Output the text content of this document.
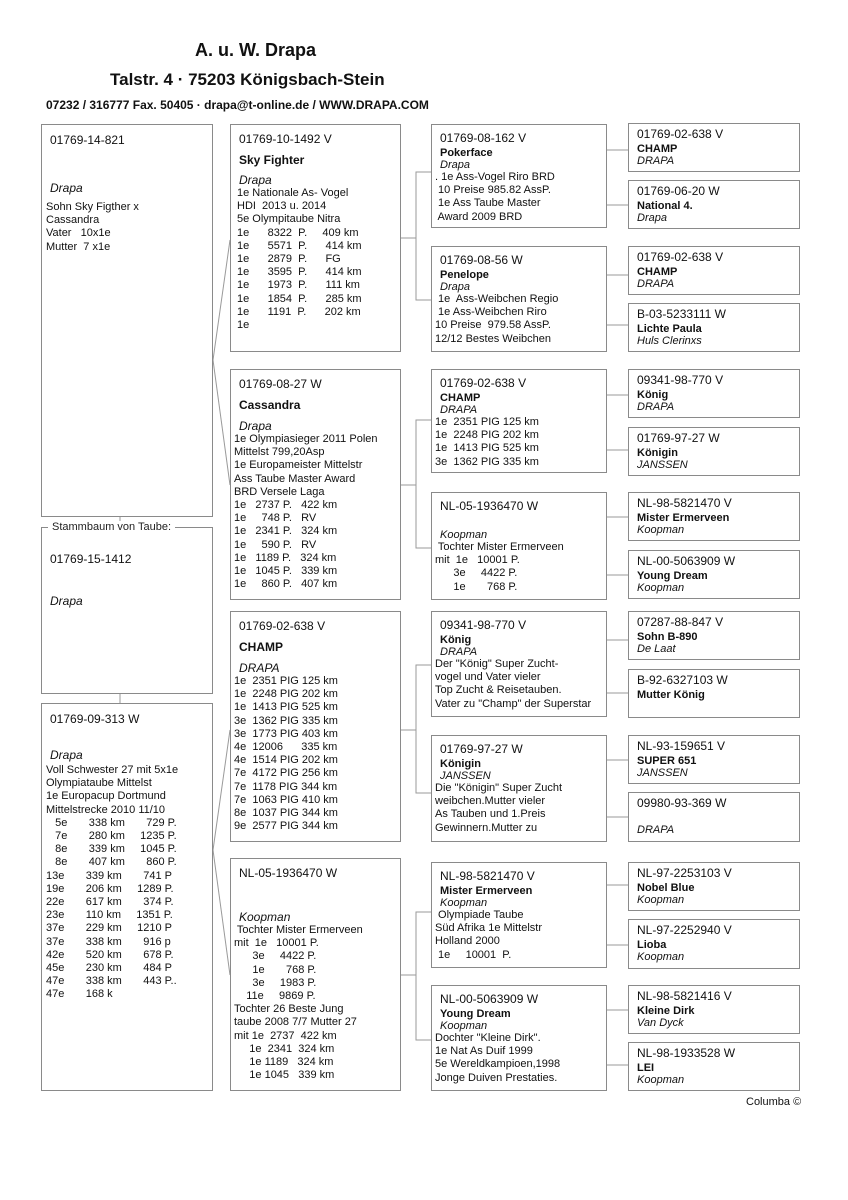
A. u. W. Drapa
Talstr. 4 · 75203 Königsbach-Stein
07232 / 316777 Fax. 50405 · drapa@t-online.de / WWW.DRAPA.COM
01769-14-821
Drapa
Sohn Sky Figther x
Cassandra
Vater   10x1e
Mutter  7 x1e
01769-15-1412
Drapa
Stammbaum von Taube:
01769-09-313 W
Drapa
Voll Schwester 27 mit 5x1e
Olympiataube Mittelst
1e Europacup Dortmund
Mittelstrecke 2010 11/10
5e       338 km       729 P.
7e       280 km     1235 P.
8e       339 km     1045 P.
8e       407 km       860 P.
13e       339 km       741 P
19e       206 km     1289 P.
22e       617 km       374 P.
23e       110 km     1351 P.
37e       229 km     1210 P
37e       338 km       916 p
42e       520 km       678 P.
45e       230 km       484 P
47e       338 km       443 P..
47e       168 k
01769-10-1492 V
Sky Fighter
Drapa
1e Nationale As- Vogel
HDI  2013 u. 2014
5e Olympitaube Nitra
1e      8322  P.     409 km
1e      5571  P.      414 km
1e      2879  P.      FG
1e      3595  P.      414 km
1e      1973  P.      111 km
1e      1854  P.      285 km
1e      1191  P.      202 km
1e
01769-08-27 W
Cassandra
Drapa
1e Olympiasieger 2011 Polen
Mittelst 799,20Asp
1e Europameister Mittelstr
Ass Taube Master Award
BRD Versele Laga
1e   2737 P.   422 km
1e     748 P.   RV
1e   2341 P.   324 km
1e     590 P.   RV
1e   1189 P.   324 km
1e   1045 P.   339 km
1e     860 P.   407 km
01769-02-638 V
CHAMP
DRAPA
1e  2351 PIG 125 km
1e  2248 PIG 202 km
1e  1413 PIG 525 km
3e  1362 PIG 335 km
3e  1773 PIG 403 km
4e  12006      335 km
4e  1514 PIG 202 km
7e  4172 PIG 256 km
7e  1178 PIG 344 km
7e  1063 PIG 410 km
8e  1037 PIG 344 km
9e  2577 PIG 344 km
NL-05-1936470 W
Koopman
Tochter Mister Ermerveen
mit  1e   10001 P.
3e     4422 P.
1e       768 P.
3e     1983 P.
11e     9869 P.
Tochter 26 Beste Jung
taube 2008 7/7 Mutter 27
mit 1e  2737  422 km
1e  2341  324 km
1e 1189   324 km
1e 1045   339 km
01769-08-162 V
Pokerface
Drapa
. 1e Ass-Vogel Riro BRD
10 Preise 985.82 AssP.
1e Ass Taube Master
Award 2009 BRD
01769-08-56 W
Penelope
Drapa
1e  Ass-Weibchen Regio
1e Ass-Weibchen Riro
10 Preise  979.58 AssP.
12/12 Bestes Weibchen
01769-02-638 V
CHAMP
DRAPA
1e  2351 PIG 125 km
1e  2248 PIG 202 km
1e  1413 PIG 525 km
3e  1362 PIG 335 km
NL-05-1936470 W
Koopman
Tochter Mister Ermerveen
mit  1e   10001 P.
3e     4422 P.
1e       768 P.
09341-98-770 V
König
DRAPA
Der "König" Super Zucht-
vogel und Vater vieler
Top Zucht & Reisetauben.
Vater zu "Champ" der Superstar
01769-97-27 W
Königin
JANSSEN
Die "Königin" Super Zucht
weibchen.Mutter vieler
As Tauben und 1.Preis
Gewinnern.Mutter zu
NL-98-5821470 V
Mister Ermerveen
Koopman
Olympiade Taube
Süd Afrika 1e Mittelstr
Holland 2000
1e     10001  P.
NL-00-5063909 W
Young Dream
Koopman
Dochter "Kleine Dirk".
1e Nat As Duif 1999
5e Wereldkampioen,1998
Jonge Duiven Prestaties.
01769-02-638 V
CHAMP
DRAPA
01769-06-20 W
National 4.
Drapa
01769-02-638 V
CHAMP
DRAPA
B-03-5233111 W
Lichte Paula
Huls Clerinxs
09341-98-770 V
König
DRAPA
01769-97-27 W
Königin
JANSSEN
NL-98-5821470 V
Mister Ermerveen
Koopman
NL-00-5063909 W
Young Dream
Koopman
07287-88-847 V
Sohn B-890
De Laat
B-92-6327103 W
Mutter König
NL-93-159651 V
SUPER 651
JANSSEN
09980-93-369 W
DRAPA
NL-97-2253103 V
Nobel Blue
Koopman
NL-97-2252940 V
Lioba
Koopman
NL-98-5821416 V
Kleine Dirk
Van Dyck
NL-98-1933528 W
LEI
Koopman
Columba ©
